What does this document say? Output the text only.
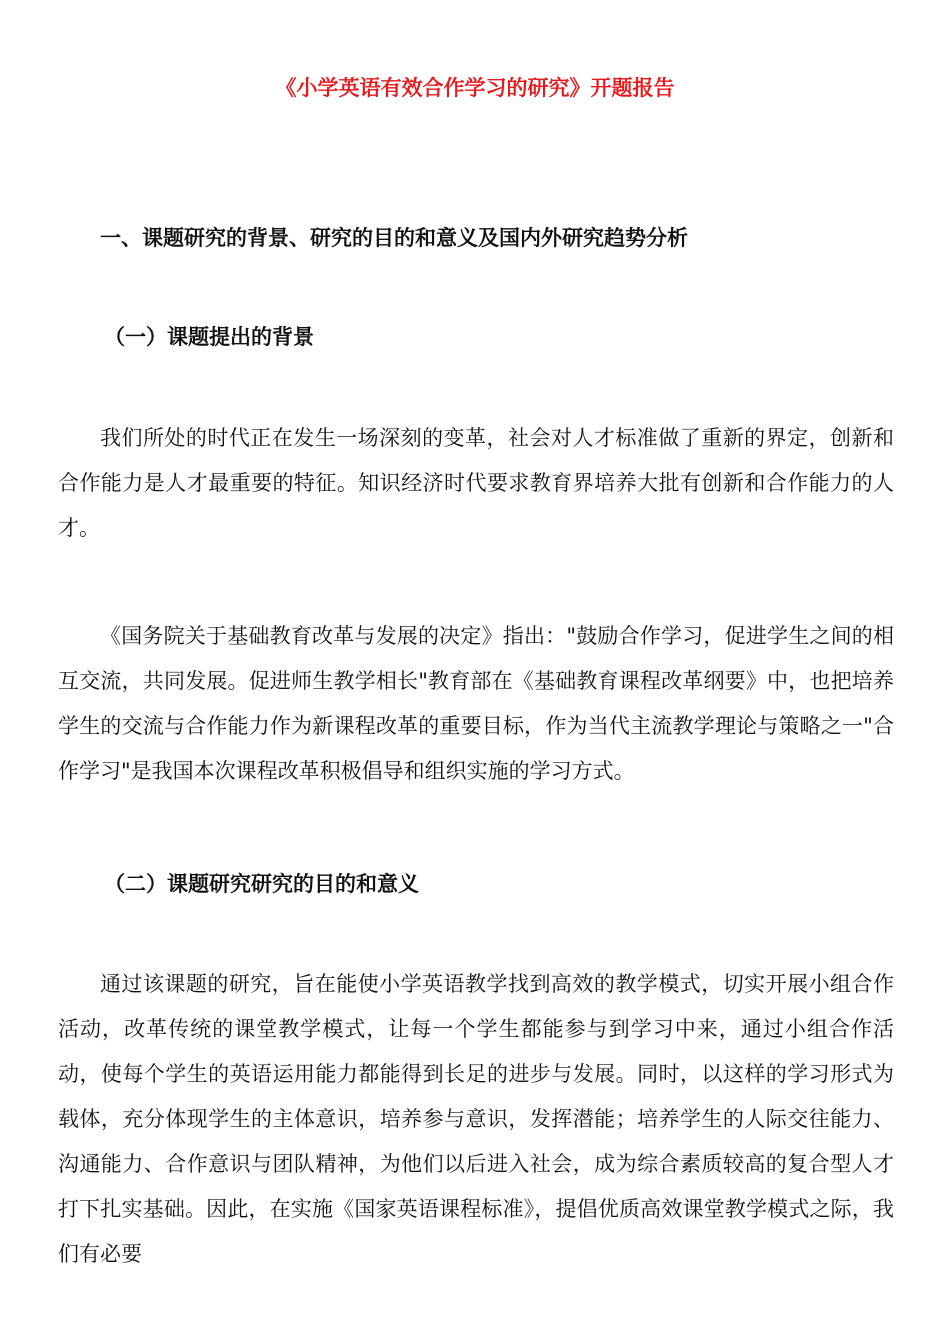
《小学英语有效合作学习的研究》开题报告
一、课题研究的背景、研究的目的和意义及国内外研究趋势分析
（一）课题提出的背景

我们所处的时代正在发生一场深刻的变革，社会对人才标准做了重新的界定，创新和合作能力是人才最重要的特征。知识经济时代要求教育界培养大批有创新和合作能力的人才。

《国务院关于基础教育改革与发展的决定》指出："鼓励合作学习，促进学生之间的相互交流，共同发展。促进师生教学相长"教育部在《基础教育课程改革纲要》中，也把培养学生的交流与合作能力作为新课程改革的重要目标，作为当代主流教学理论与策略之一"合作学习"是我国本次课程改革积极倡导和组织实施的学习方式。

（二）课题研究研究的目的和意义

通过该课题的研究，旨在能使小学英语教学找到高效的教学模式，切实开展小组合作活动，改革传统的课堂教学模式，让每一个学生都能参与到学习中来，通过小组合作活动，使每个学生的英语运用能力都能得到长足的进步与发展。同时，以这样的学习形式为载体，充分体现学生的主体意识，培养参与意识，发挥潜能；培养学生的人际交往能力、沟通能力、合作意识与团队精神，为他们以后进入社会，成为综合素质较高的复合型人才打下扎实基础。因此，在实施《国家英语课程标准》，提倡优质高效课堂教学模式之际，我们有必要
